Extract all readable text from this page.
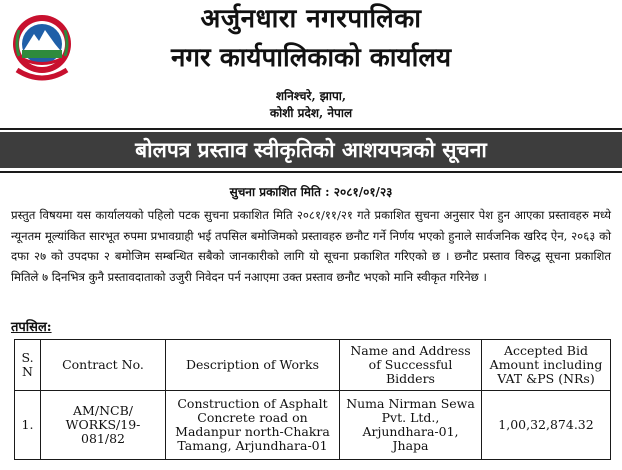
अर्जुनधारा नगरपालिका
नगर कार्यपालिकाको कार्यालय
शनिश्चरे, झापा,
कोशी प्रदेश, नेपाल
बोलपत्र प्रस्ताव स्वीकृतिको आशयपत्रको सूचना
सुचना प्रकाशित मिति : २०८१/०१/२३
प्रस्तुत विषयमा यस कार्यालयको पहिलो पटक सुचना प्रकाशित मिति २०८१/११/२१ गते प्रकाशित सुचना अनुसार पेश हुन आएका प्रस्तावहरु मध्ये न्यूनतम मूल्यांकित सारभूत रुपमा प्रभावग्राही भई तपसिल बमोजिमको प्रस्तावहरु छनौट गर्ने निर्णय भएको हुनाले सार्वजनिक खरिद ऐन, २०६३ को दफा २७ को उपदफा २ बमोजिम सम्बन्धित सबैको जानकारीको लागि यो सूचना प्रकाशित गरिएको छ । छनौट प्रस्ताव विरुद्ध सूचना प्रकाशित मितिले ७ दिनभित्र कुनै प्रस्तावदाताको उजुरी निवेदन पर्न नआएमा उक्त प्रस्ताव छनौट भएको मानि स्वीकृत गरिनेछ ।
तपसिल:
S. N	Contract No.	Description of Works	Name and Address of Successful Bidders	Accepted Bid Amount including VAT &PS (NRs)
1.	AM/NCB/ WORKS/19-081/82	Construction of Asphalt Concrete road on Madanpur north-Chakra Tamang, Arjundhara-01	Numa Nirman Sewa Pvt. Ltd., Arjundhara-01, Jhapa	1,00,32,874.32
